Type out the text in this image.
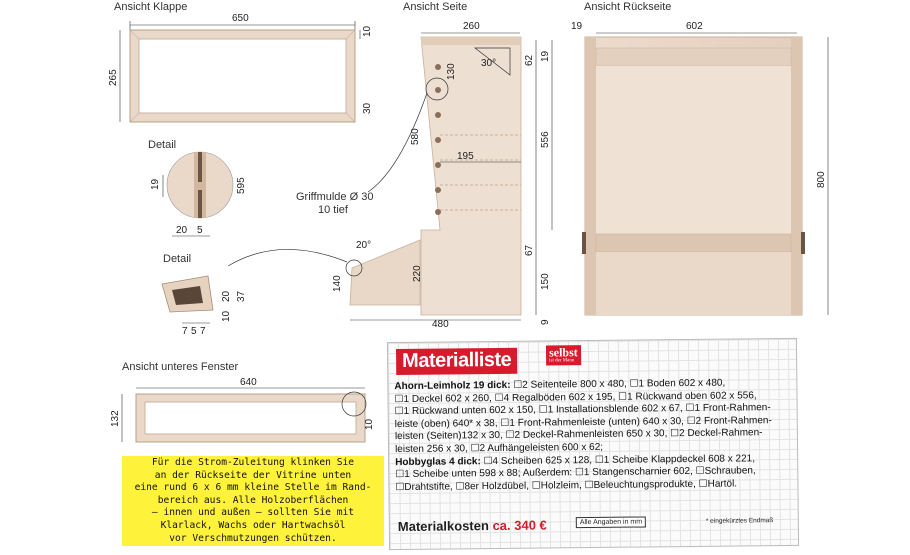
Ansicht Klappe
650
265
10
30
Detail
19	595
20 5
Ansicht Seite
260
30°
130
62 19
580	556
195
67
Griffmulde Ø 30
10 tief
20°
220
140	150
9
480
Detail
20 37
10
7 5 7
Ansicht Rückseite
19	602
800
Ansicht unteres Fenster
640
132	10
Für die Strom-Zuleitung klinken Sie
an der Rückseite der Vitrine unten
eine rund 6 x 6 mm kleine Stelle im Rand-
bereich aus. Alle Holzoberflächen
– innen und außen – sollten Sie mit
Klarlack, Wachs oder Hartwachsöl
vor Verschmutzungen schützen.
Materialliste	selbst
ist der Mann

Ahorn-Leimholz 19 dick: ☐2 Seitenteile 800 x 480, ☐1 Boden 602 x 480,

☐1 Deckel 602 x 260, ☐4 Regalböden 602 x 195, ☐1 Rückwand oben 602 x 556,

☐1 Rückwand unten 602 x 150, ☐1 Installationsblende 602 x 67, ☐1 Front-Rahmen-

leiste (oben) 640* x 38, ☐1 Front-Rahmenleiste (unten) 640 x 30, ☐2 Front-Rahmen-

leisten (Seiten)132 x 30, ☐2 Deckel-Rahmenleisten 650 x 30, ☐2 Deckel-Rahmen-

leisten 256 x 30, ☐2 Aufhängeleisten 600 x 62;

Hobbyglas 4 dick: ☐4 Scheiben 625 x 128, ☐1 Scheibe Klappdeckel 608 x 221,

☐1 Scheibe unten 598 x 88; Außerdem: ☐1 Stangenscharnier 602, ☐Schrauben,

☐Drahtstifte, ☐8er Holzdübel, ☐Holzleim, ☐Beleuchtungsprodukte, ☐Hartöl.

Materialkosten ca. 340 €	Alle Angaben in mm	* eingekürztes Endmaß
